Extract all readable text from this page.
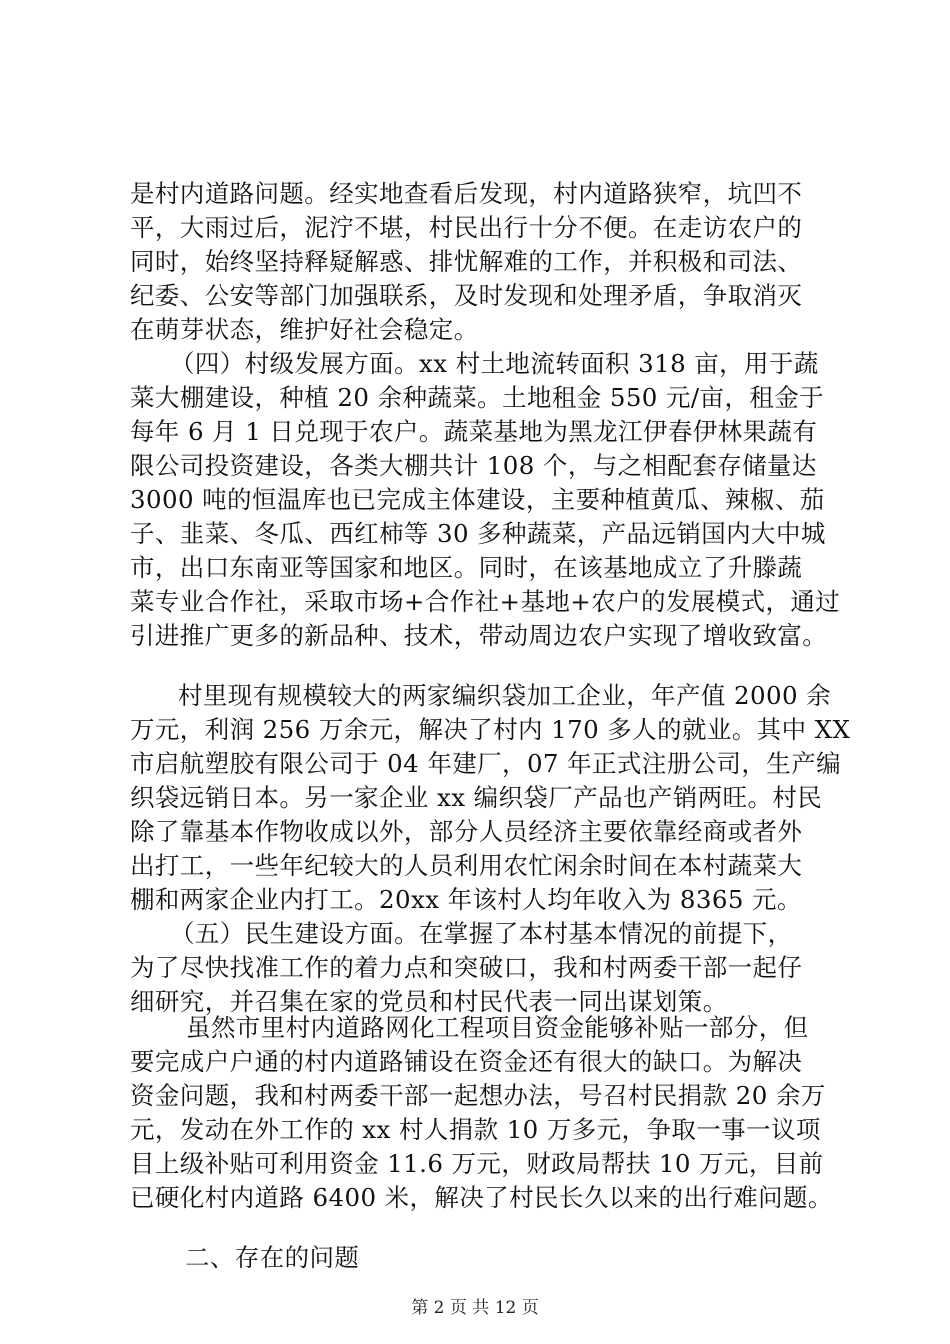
是村内道路问题。经实地查看后发现，村内道路狭窄，坑凹不
平，大雨过后，泥泞不堪，村民出行十分不便。在走访农户的
同时，始终坚持释疑解惑、排忧解难的工作，并积极和司法、
纪委、公安等部门加强联系，及时发现和处理矛盾，争取消灭
在萌芽状态，维护好社会稳定。
（四）村级发展方面。xx 村土地流转面积 318 亩，用于蔬
菜大棚建设，种植 20 余种蔬菜。土地租金 550 元/亩，租金于
每年 6 月 1 日兑现于农户。蔬菜基地为黑龙江伊春伊林果蔬有
限公司投资建设，各类大棚共计 108 个，与之相配套存储量达
3000 吨的恒温库也已完成主体建设，主要种植黄瓜、辣椒、茄
子、韭菜、冬瓜、西红柿等 30 多种蔬菜，产品远销国内大中城
市，出口东南亚等国家和地区。同时，在该基地成立了升滕蔬
菜专业合作社，采取市场+合作社+基地+农户的发展模式，通过
引进推广更多的新品种、技术，带动周边农户实现了增收致富。
村里现有规模较大的两家编织袋加工企业，年产值 2000 余
万元，利润 256 万余元，解决了村内 170 多人的就业。其中 XX
市启航塑胶有限公司于 04 年建厂，07 年正式注册公司，生产编
织袋远销日本。另一家企业 xx 编织袋厂产品也产销两旺。村民
除了靠基本作物收成以外，部分人员经济主要依靠经商或者外
出打工，一些年纪较大的人员利用农忙闲余时间在本村蔬菜大
棚和两家企业内打工。20xx 年该村人均年收入为 8365 元。
（五）民生建设方面。在掌握了本村基本情况的前提下，
为了尽快找准工作的着力点和突破口，我和村两委干部一起仔
细研究，并召集在家的党员和村民代表一同出谋划策。
虽然市里村内道路网化工程项目资金能够补贴一部分，但
要完成户户通的村内道路铺设在资金还有很大的缺口。为解决
资金问题，我和村两委干部一起想办法，号召村民捐款 20 余万
元，发动在外工作的 xx 村人捐款 10 万多元，争取一事一议项
目上级补贴可利用资金 11.6 万元，财政局帮扶 10 万元，目前
已硬化村内道路 6400 米，解决了村民长久以来的出行难问题。
二、存在的问题
第 2 页 共 12 页
